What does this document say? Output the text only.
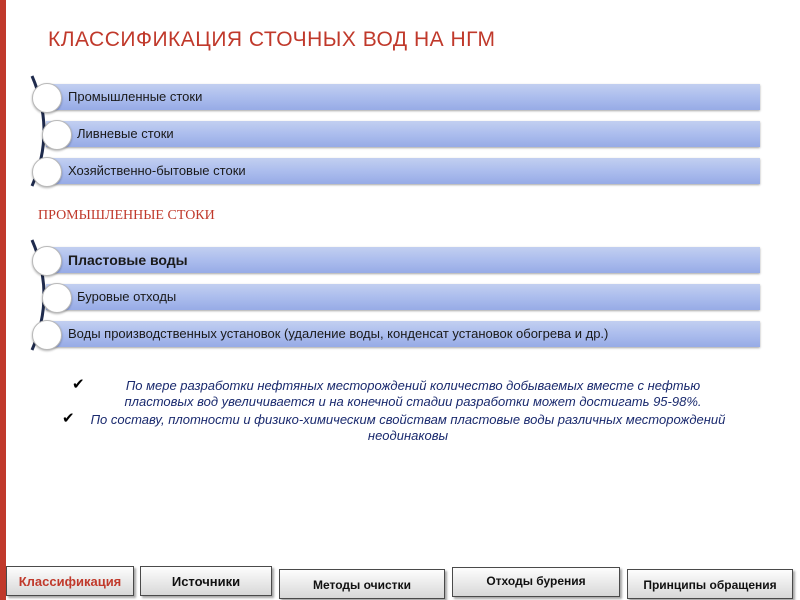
КЛАССИФИКАЦИЯ СТОЧНЫХ ВОД НА НГМ
Промышленные стоки
Ливневые стоки
Хозяйственно-бытовые стоки
ПРОМЫШЛЕННЫЕ СТОКИ
Пластовые воды
Буровые отходы
Воды производственных установок (удаление воды, конденсат установок обогрева и др.)
✔	По мере разработки нефтяных месторождений количество добываемых вместе с нефтью пластовых вод увеличивается и на конечной стадии разработки может достигать 95-98%.
✔ По составу, плотности и физико-химическим свойствам пластовые воды различных месторождений неодинаковы
Классификация	Источники	Методы очистки	Отходы бурения	Принципы обращения
